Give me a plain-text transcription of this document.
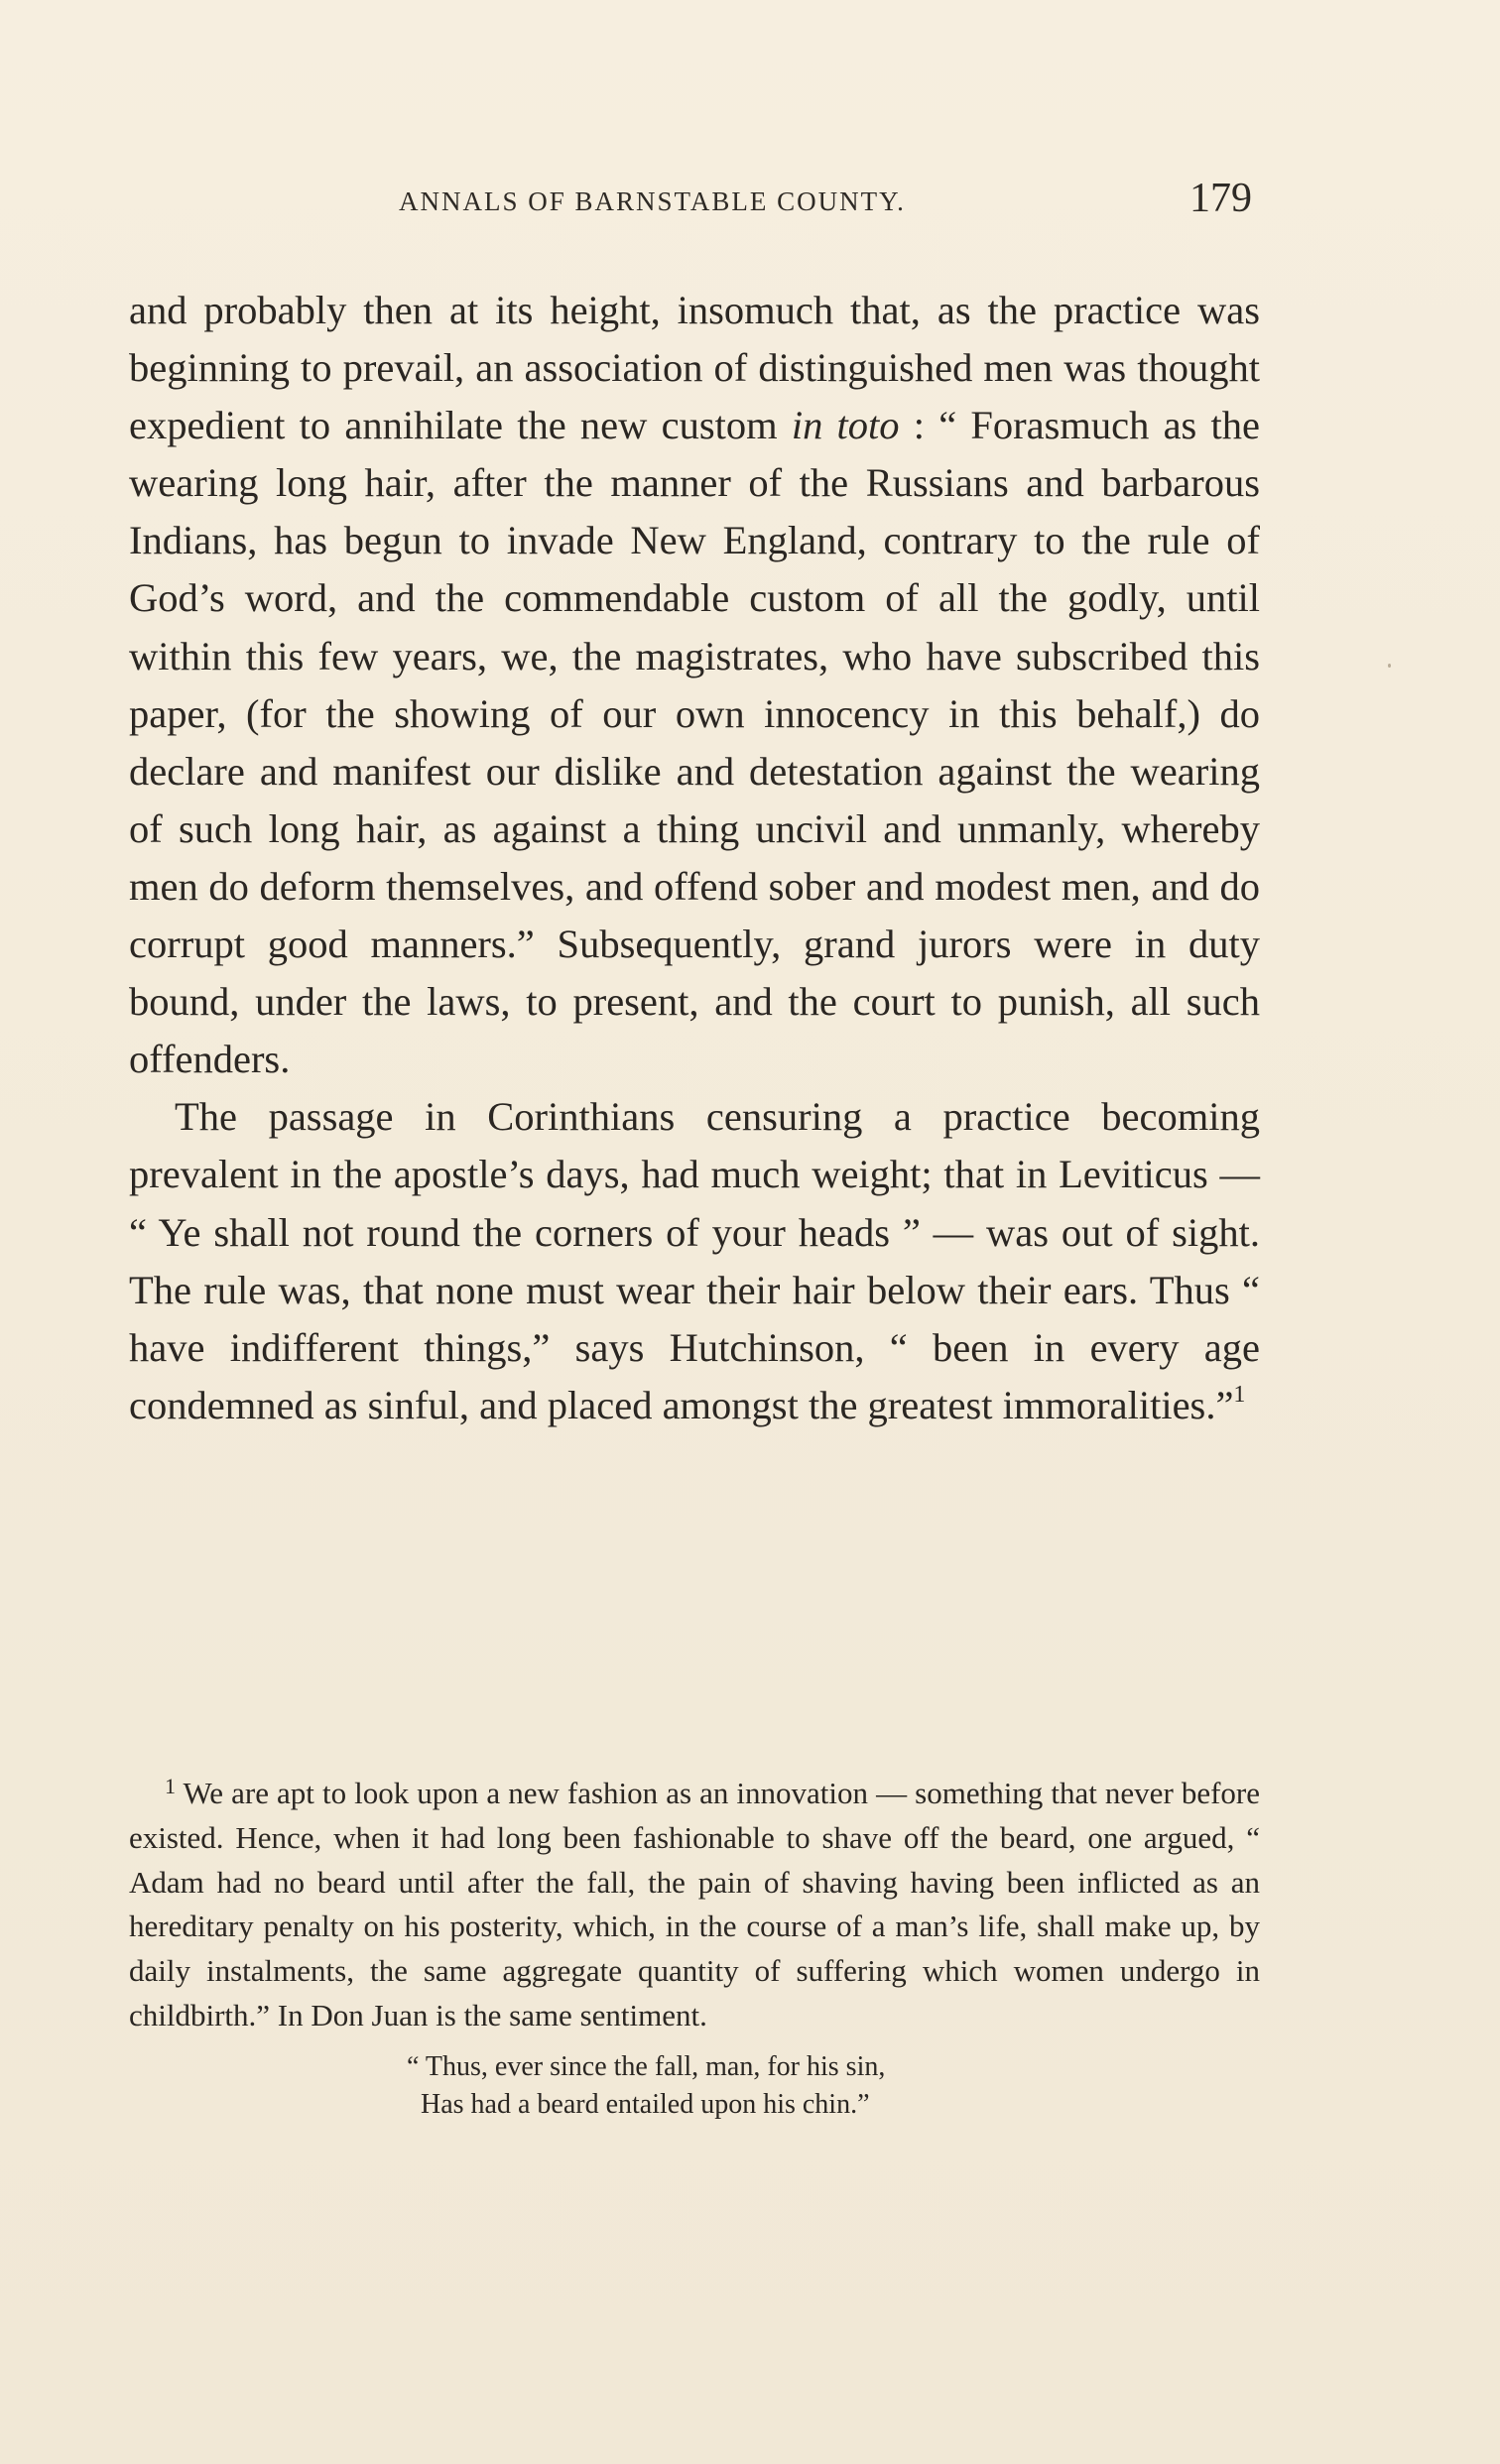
ANNALS OF BARNSTABLE COUNTY.	179

and probably then at its height, insomuch that, as the practice was beginning to prevail, an association of distinguished men was thought expedient to annihilate the new custom in toto : “ Forasmuch as the wearing long hair, after the manner of the Russians and barbarous Indians, has begun to invade New England, contrary to the rule of God’s word, and the commendable custom of all the godly, until within this few years, we, the magistrates, who have subscribed this paper, (for the showing of our own innocency in this behalf,) do declare and manifest our dislike and detestation against the wearing of such long hair, as against a thing uncivil and unmanly, whereby men do deform themselves, and offend sober and modest men, and do corrupt good manners.” Subsequently, grand jurors were in duty bound, under the laws, to present, and the court to punish, all such offenders.

The passage in Corinthians censuring a practice becoming prevalent in the apostle’s days, had much weight; that in Leviticus — “ Ye shall not round the corners of your heads ” — was out of sight. The rule was, that none must wear their hair below their ears. Thus “ have indifferent things,” says Hutchinson, “ been in every age condemned as sinful, and placed amongst the greatest immoralities.”$^1$

$^1$ We are apt to look upon a new fashion as an innovation — something that never before existed. Hence, when it had long been fashionable to shave off the beard, one argued, “ Adam had no beard until after the fall, the pain of shaving having been inflicted as an hereditary penalty on his posterity, which, in the course of a man’s life, shall make up, by daily instalments, the same aggregate quantity of suffering which women undergo in childbirth.” In Don Juan is the same sentiment.

“ Thus, ever since the fall, man, for his sin,
Has had a beard entailed upon his chin.”
